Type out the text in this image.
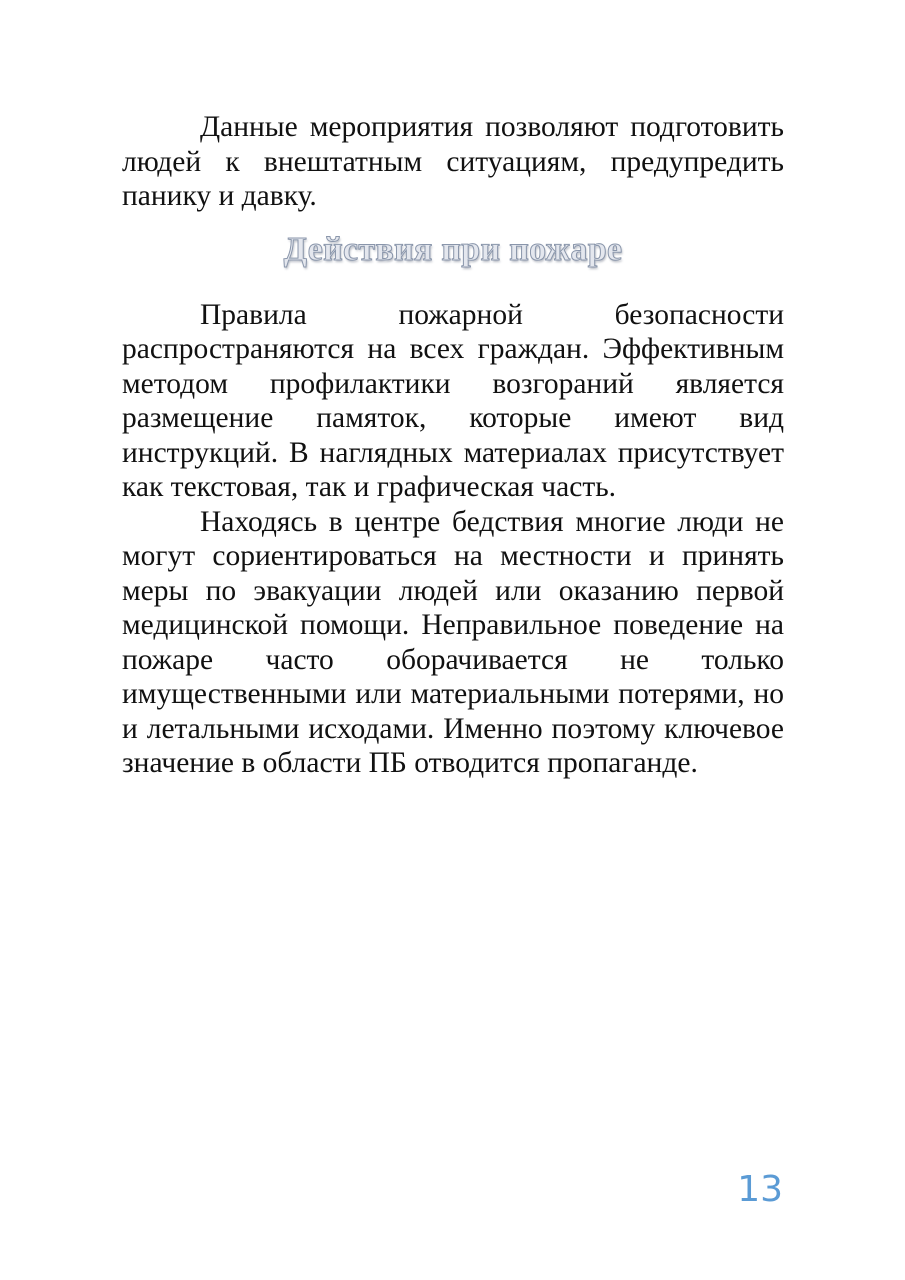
Данные мероприятия позволяют подготовить людей к внештатным ситуациям, предупредить панику и давку.

Действия при пожаре

Правила пожарной безопасности распространяются на всех граждан. Эффективным методом профилактики возгораний является размещение памяток, которые имеют вид инструкций. В наглядных материалах присутствует как текстовая, так и графическая часть.

Находясь в центре бедствия многие люди не могут сориентироваться на местности и принять меры по эвакуации людей или оказанию первой медицинской помощи. Неправильное поведение на пожаре часто оборачивается не только имущественными или материальными потерями, но и летальными исходами. Именно поэтому ключевое значение в области ПБ отводится пропаганде.

13
